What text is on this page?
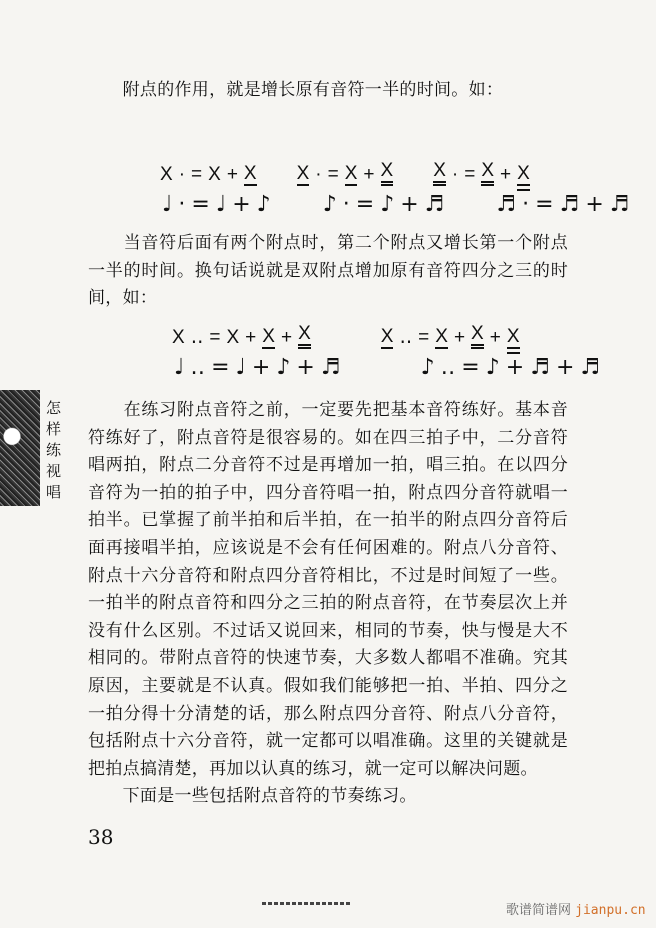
　　附点的作用，就是增长原有音符一半的时间。如：
X · = X + X X · = X + X X · = X + X
♩ · = ♩ + ♪ ♪ · = ♪ + ♬ ♬ · = ♬ + ♬
　　当音符后面有两个附点时，第二个附点又增长第一个附点一半的时间。换句话说就是双附点增加原有音符四分之三的时间，如：
X ‥ = X + X + X	X ‥ = X + X + X
♩ ‥ = ♩ + ♪ + ♬	♪ ‥ = ♪ + ♬ + ♬
怎样练视唱

　　在练习附点音符之前，一定要先把基本音符练好。基本音符练好了，附点音符是很容易的。如在四三拍子中，二分音符唱两拍，附点二分音符不过是再增加一拍，唱三拍。在以四分音符为一拍的拍子中，四分音符唱一拍，附点四分音符就唱一拍半。已掌握了前半拍和后半拍，在一拍半的附点四分音符后面再接唱半拍，应该说是不会有任何困难的。附点八分音符、附点十六分音符和附点四分音符相比，不过是时间短了一些。一拍半的附点音符和四分之三拍的附点音符，在节奏层次上并没有什么区别。不过话又说回来，相同的节奏，快与慢是大不相同的。带附点音符的快速节奏，大多数人都唱不准确。究其原因，主要就是不认真。假如我们能够把一拍、半拍、四分之一拍分得十分清楚的话，那么附点四分音符、附点八分音符，包括附点十六分音符，就一定都可以唱准确。这里的关键就是把拍点搞清楚，再加以认真的练习，就一定可以解决问题。

　　下面是一些包括附点音符的节奏练习。

38
歌谱简谱网 jianpu.cn
